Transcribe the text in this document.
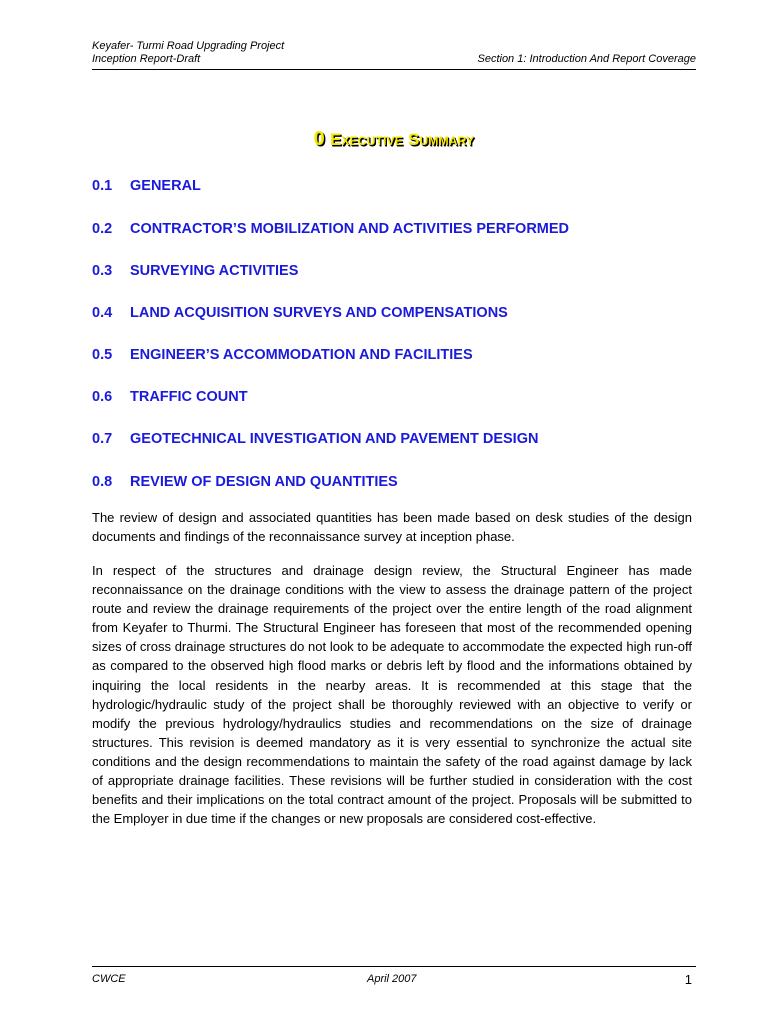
Keyafer- Turmi Road Upgrading Project
Inception Report-Draft	Section 1: Introduction And Report Coverage
0 Executive Summary
0.1 GENERAL
0.2 CONTRACTOR’S MOBILIZATION AND ACTIVITIES PERFORMED
0.3 SURVEYING ACTIVITIES
0.4 LAND ACQUISITION SURVEYS AND COMPENSATIONS
0.5 ENGINEER’S ACCOMMODATION AND FACILITIES
0.6 TRAFFIC COUNT
0.7 GEOTECHNICAL INVESTIGATION AND PAVEMENT DESIGN
0.8 REVIEW OF DESIGN AND QUANTITIES

The review of design and associated quantities has been made based on desk studies of the design documents and findings of the reconnaissance survey at inception phase.

In respect of the structures and drainage design review, the Structural Engineer has made reconnaissance on the drainage conditions with the view to assess the drainage pattern of the project route and review the drainage requirements of the project over the entire length of the road alignment from Keyafer to Thurmi. The Structural Engineer has foreseen that most of the recommended opening sizes of cross drainage structures do not look to be adequate to accommodate the expected high run-off as compared to the observed high flood marks or debris left by flood and the informations obtained by inquiring the local residents in the nearby areas. It is recommended at this stage that the hydrologic/hydraulic study of the project shall be thoroughly reviewed with an objective to verify or modify the previous hydrology/hydraulics studies and recommendations on the size of drainage structures. This revision is deemed mandatory as it is very essential to synchronize the actual site conditions and the design recommendations to maintain the safety of the road against damage by lack of appropriate drainage facilities. These revisions will be further studied in consideration with the cost benefits and their implications on the total contract amount of the project. Proposals will be submitted to the Employer in due time if the changes or new proposals are considered cost-effective.

CWCE	April 2007	1
